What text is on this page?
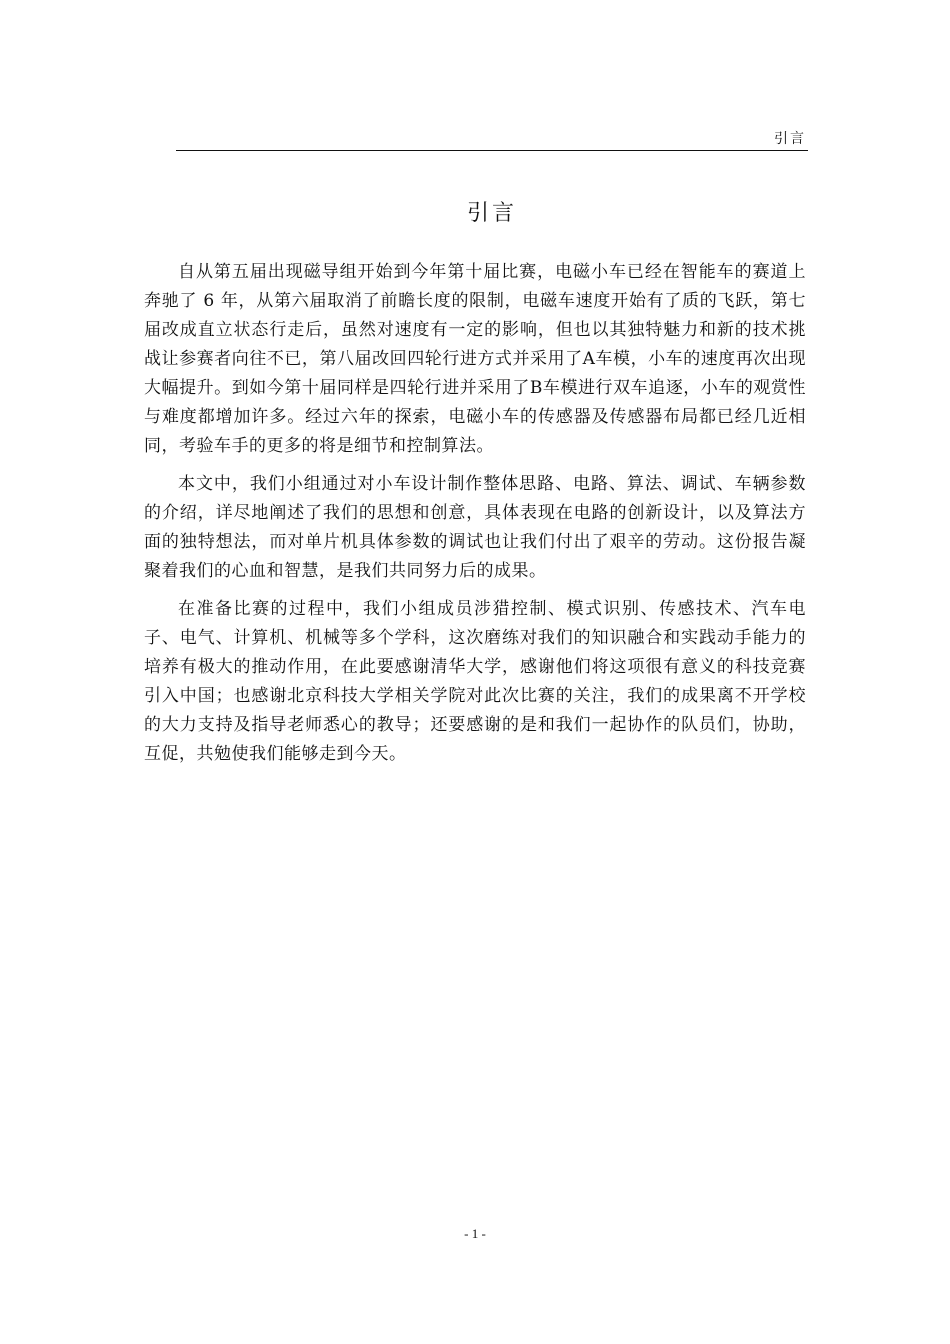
引言
引言

自从第五届出现磁导组开始到今年第十届比赛，电磁小车已经在智能车的赛道上奔驰了 6 年，从第六届取消了前瞻长度的限制，电磁车速度开始有了质的飞跃，第七届改成直立状态行走后，虽然对速度有一定的影响，但也以其独特魅力和新的技术挑战让参赛者向往不已，第八届改回四轮行进方式并采用了A车模，小车的速度再次出现大幅提升。到如今第十届同样是四轮行进并采用了B车模进行双车追逐，小车的观赏性与难度都增加许多。经过六年的探索，电磁小车的传感器及传感器布局都已经几近相同，考验车手的更多的将是细节和控制算法。

本文中，我们小组通过对小车设计制作整体思路、电路、算法、调试、车辆参数的介绍，详尽地阐述了我们的思想和创意，具体表现在电路的创新设计，以及算法方面的独特想法，而对单片机具体参数的调试也让我们付出了艰辛的劳动。这份报告凝聚着我们的心血和智慧，是我们共同努力后的成果。

在准备比赛的过程中，我们小组成员涉猎控制、模式识别、传感技术、汽车电子、电气、计算机、机械等多个学科，这次磨练对我们的知识融合和实践动手能力的培养有极大的推动作用，在此要感谢清华大学，感谢他们将这项很有意义的科技竞赛引入中国；也感谢北京科技大学相关学院对此次比赛的关注，我们的成果离不开学校的大力支持及指导老师悉心的教导；还要感谢的是和我们一起协作的队员们，协助，互促，共勉使我们能够走到今天。

- 1 -
